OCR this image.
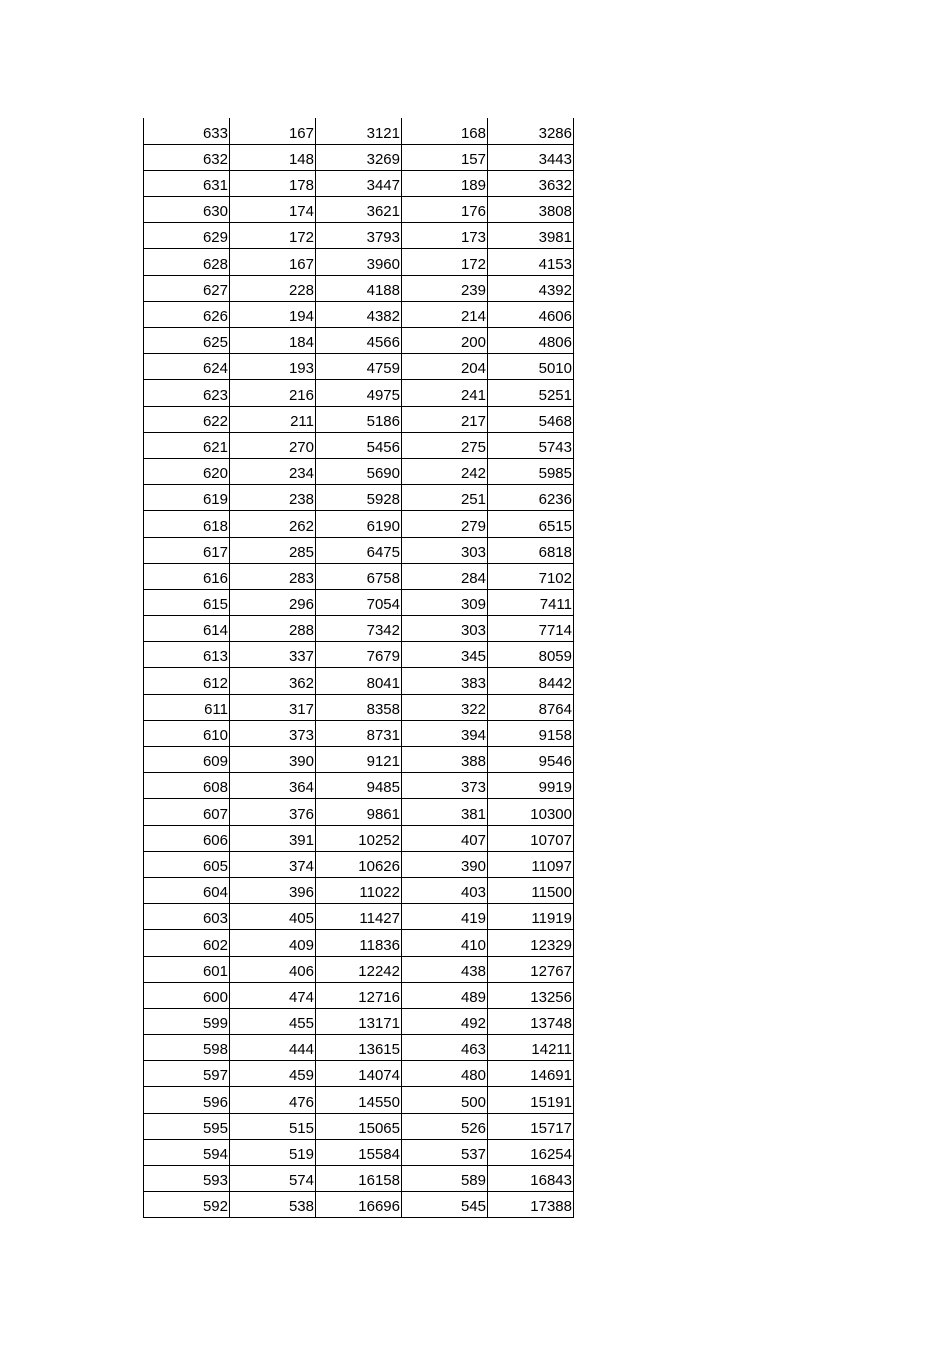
633	167	3121	168	3286
632	148	3269	157	3443
631	178	3447	189	3632
630	174	3621	176	3808
629	172	3793	173	3981
628	167	3960	172	4153
627	228	4188	239	4392
626	194	4382	214	4606
625	184	4566	200	4806
624	193	4759	204	5010
623	216	4975	241	5251
622	211	5186	217	5468
621	270	5456	275	5743
620	234	5690	242	5985
619	238	5928	251	6236
618	262	6190	279	6515
617	285	6475	303	6818
616	283	6758	284	7102
615	296	7054	309	7411
614	288	7342	303	7714
613	337	7679	345	8059
612	362	8041	383	8442
611	317	8358	322	8764
610	373	8731	394	9158
609	390	9121	388	9546
608	364	9485	373	9919
607	376	9861	381	10300
606	391	10252	407	10707
605	374	10626	390	11097
604	396	11022	403	11500
603	405	11427	419	11919
602	409	11836	410	12329
601	406	12242	438	12767
600	474	12716	489	13256
599	455	13171	492	13748
598	444	13615	463	14211
597	459	14074	480	14691
596	476	14550	500	15191
595	515	15065	526	15717
594	519	15584	537	16254
593	574	16158	589	16843
592	538	16696	545	17388
